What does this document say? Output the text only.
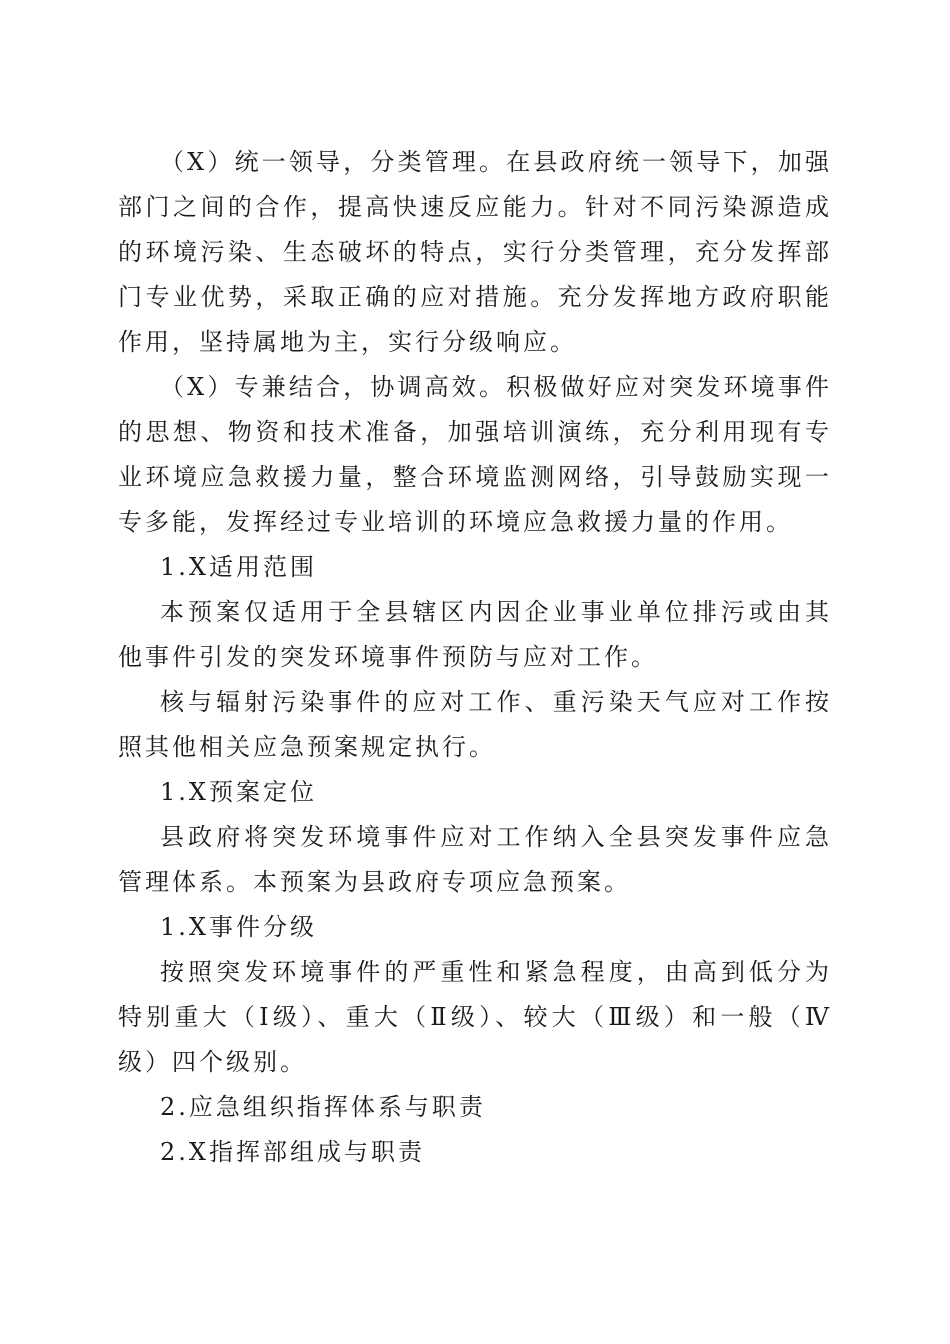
（X）统一领导，分类管理。在县政府统一领导下，加强部门之间的合作，提高快速反应能力。针对不同污染源造成的环境污染、生态破坏的特点，实行分类管理，充分发挥部门专业优势，采取正确的应对措施。充分发挥地方政府职能作用，坚持属地为主，实行分级响应。

（X）专兼结合，协调高效。积极做好应对突发环境事件的思想、物资和技术准备，加强培训演练，充分利用现有专业环境应急救援力量，整合环境监测网络，引导鼓励实现一专多能，发挥经过专业培训的环境应急救援力量的作用。

1.X适用范围

本预案仅适用于全县辖区内因企业事业单位排污或由其他事件引发的突发环境事件预防与应对工作。

核与辐射污染事件的应对工作、重污染天气应对工作按照其他相关应急预案规定执行。

1.X预案定位

县政府将突发环境事件应对工作纳入全县突发事件应急管理体系。本预案为县政府专项应急预案。

1.X事件分级

按照突发环境事件的严重性和紧急程度，由高到低分为特别重大（Ⅰ级）、重大（Ⅱ级）、较大（Ⅲ级）和一般（Ⅳ级）四个级别。

2.应急组织指挥体系与职责

2.X指挥部组成与职责
